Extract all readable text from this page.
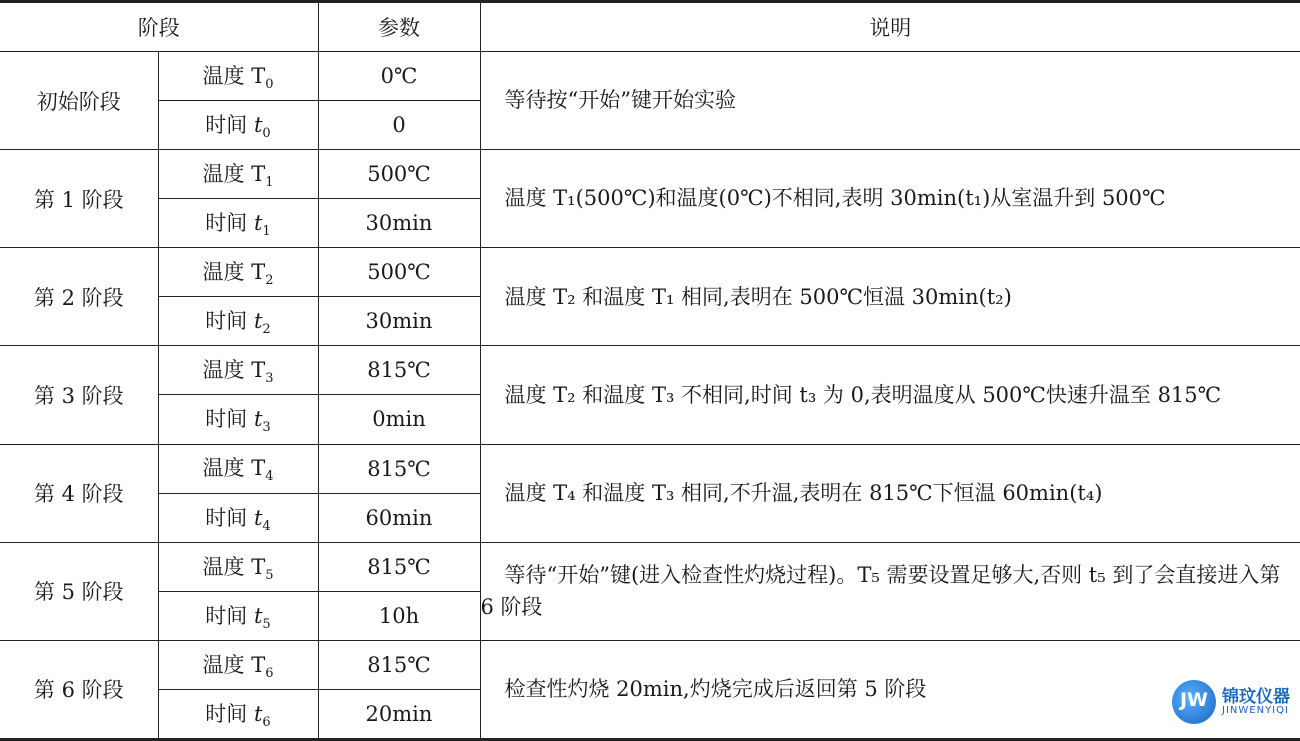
阶段		参数	说明
初始阶段	温度 $T_0$	0℃	等待按“开始”键开始实验
	时间 $t_0$	0	
第 1 阶段	温度 $T_1$	500℃	温度 T₁(500℃)和温度(0℃)不相同,表明 30min(t₁)从室温升到 500℃
	时间 $t_1$	30min	
第 2 阶段	温度 $T_2$	500℃	温度 T₂ 和温度 T₁ 相同,表明在 500℃恒温 30min(t₂)
	时间 $t_2$	30min	
第 3 阶段	温度 $T_3$	815℃	温度 T₂ 和温度 T₃ 不相同,时间 t₃ 为 0,表明温度从 500℃快速升温至 815℃
	时间 $t_3$	0min	
第 4 阶段	温度 $T_4$	815℃	温度 T₄ 和温度 T₃ 相同,不升温,表明在 815℃下恒温 60min(t₄)
	时间 $t_4$	60min	
第 5 阶段	温度 $T_5$	815℃	等待“开始”键(进入检查性灼烧过程)。T₅ 需要设置足够大,否则 t₅ 到了会直接进入第 6 阶段
	时间 $t_5$	10h	
第 6 阶段	温度 $T_6$	815℃	检查性灼烧 20min,灼烧完成后返回第 5 阶段
	时间 $t_6$	20min	
JW 锦玟仪器
JINWENYIQI
